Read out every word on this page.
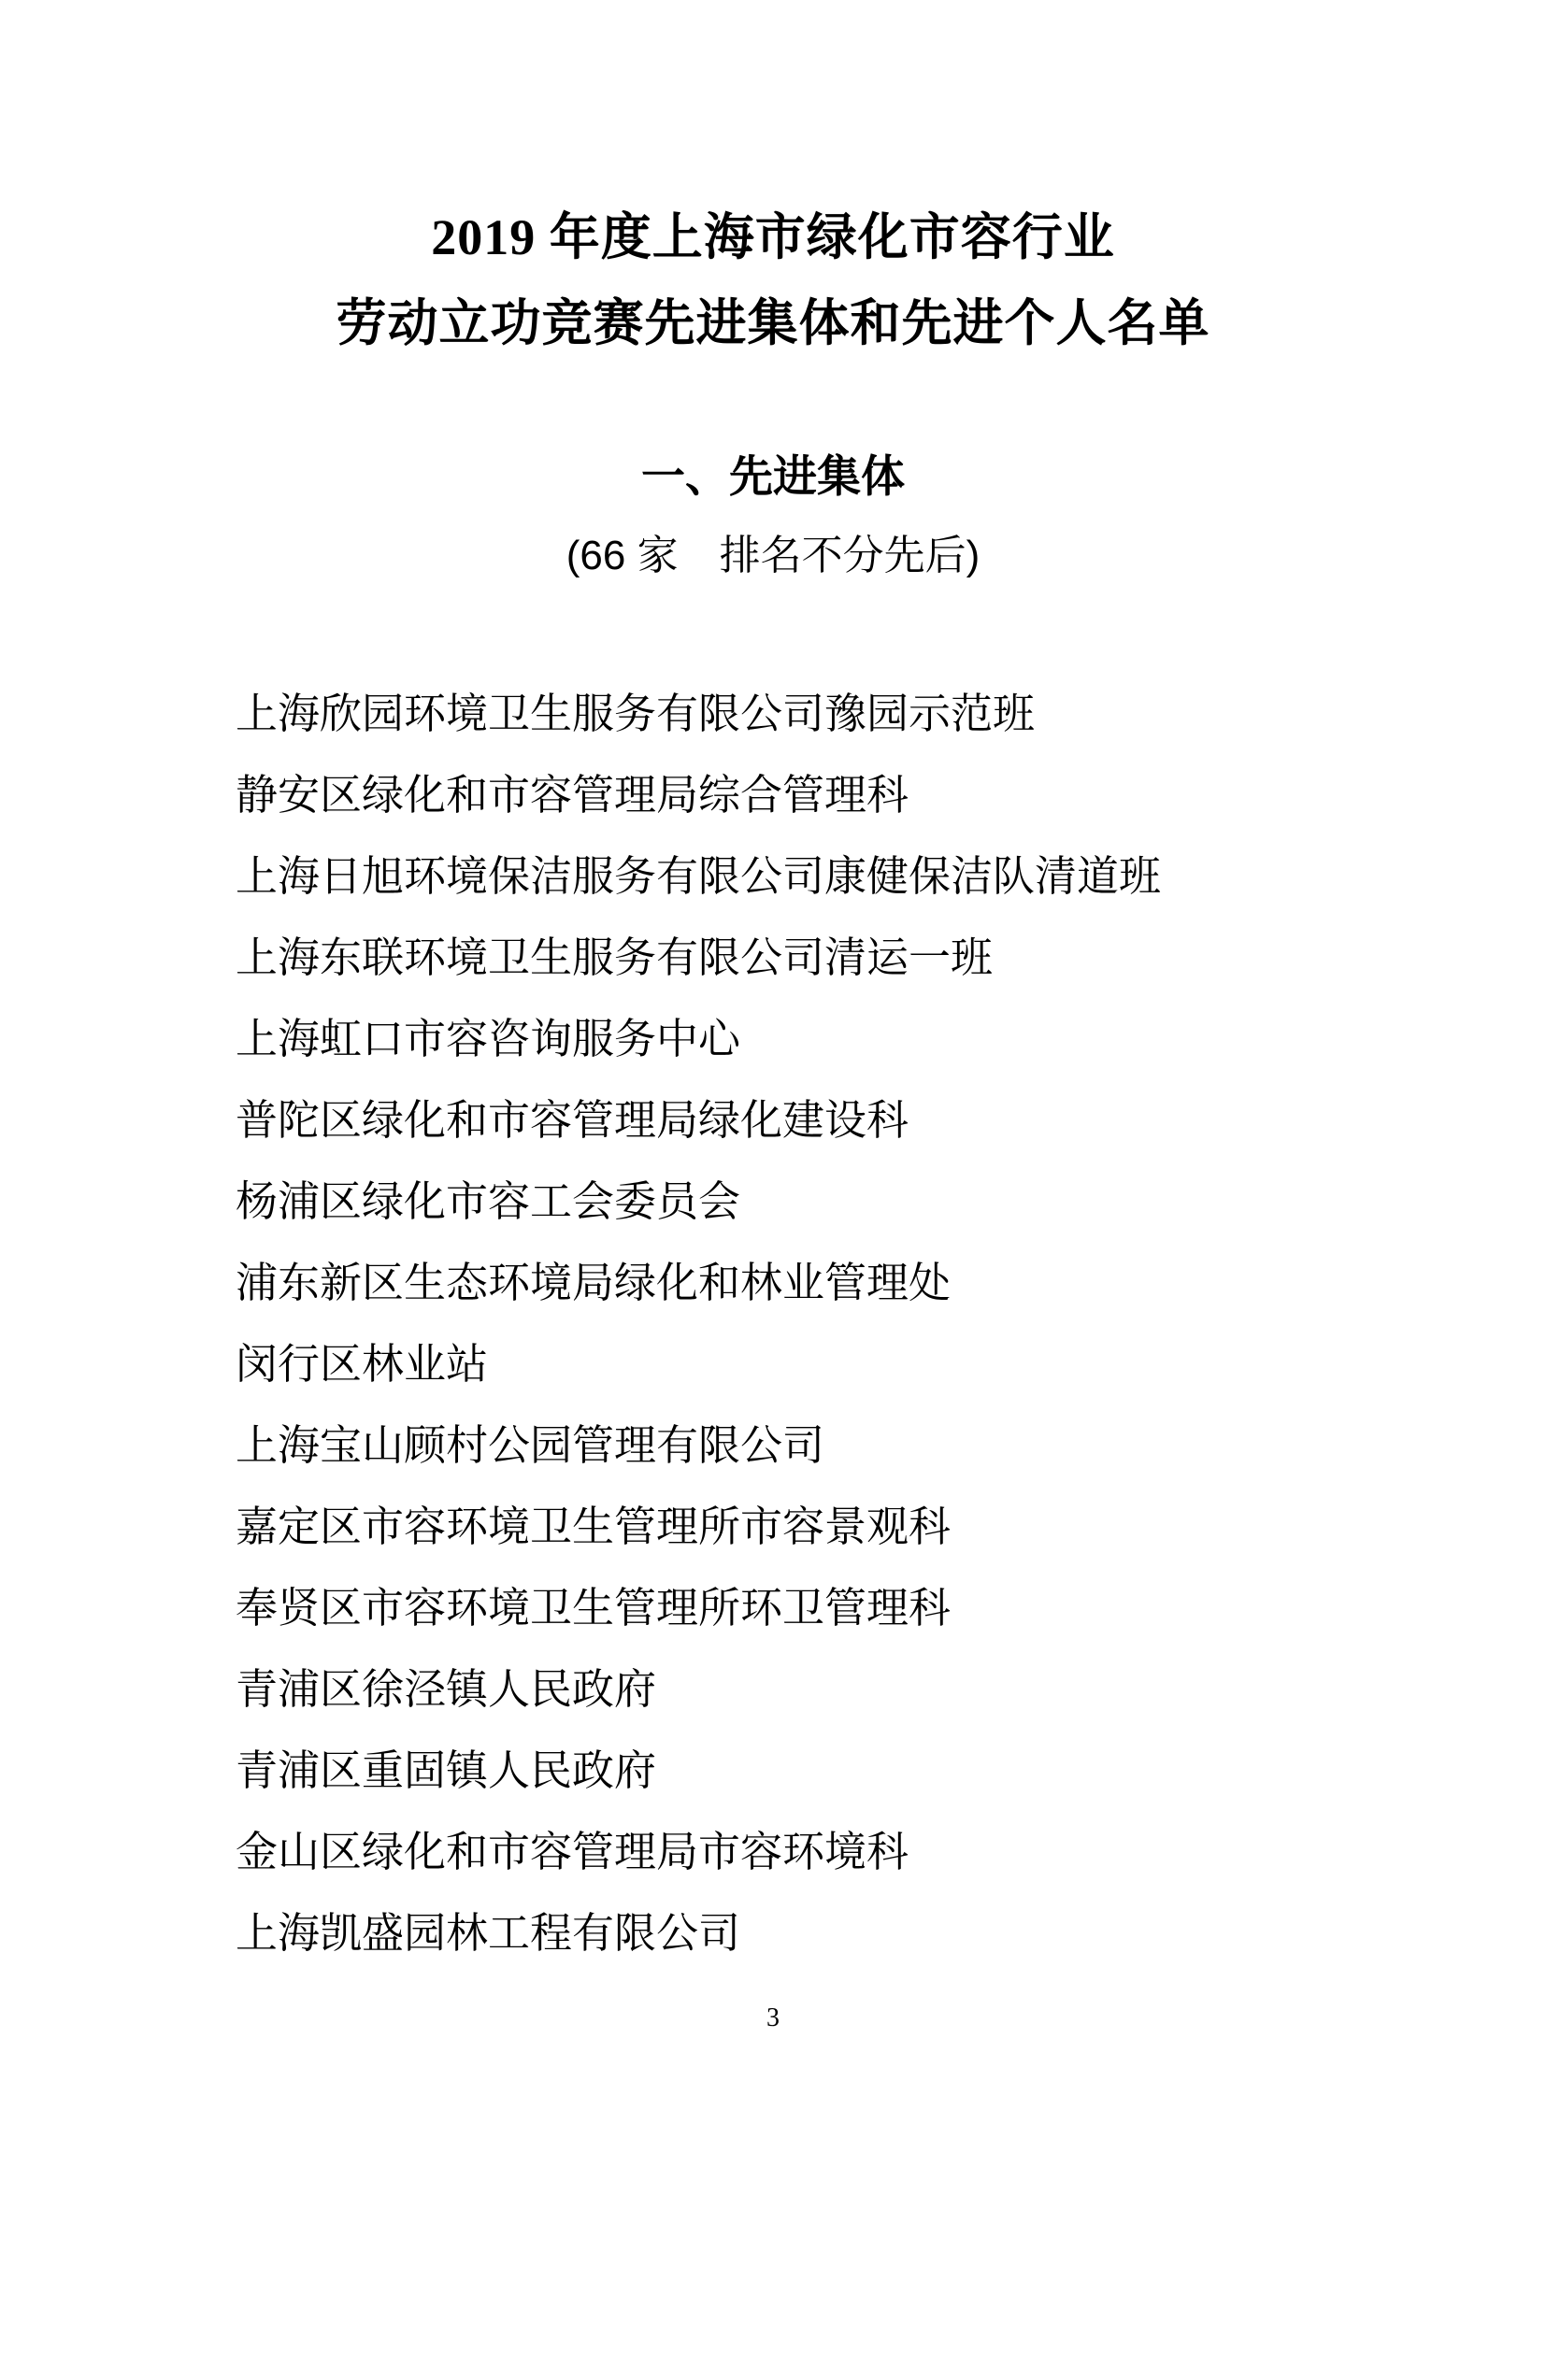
2019 年度上海市绿化市容行业
劳动立功竞赛先进集体和先进个人名单
一、先进集体
(66 家　排名不分先后)
上海欣园环境卫生服务有限公司豫园示范班
静安区绿化和市容管理局综合管理科
上海日旭环境保洁服务有限公司康健保洁队清道班
上海东联环境卫生服务有限公司清运一班
上海虹口市容咨询服务中心
普陀区绿化和市容管理局绿化建设科
杨浦区绿化市容工会委员会
浦东新区生态环境局绿化和林业管理处
闵行区林业站
上海宝山顾村公园管理有限公司
嘉定区市容环境卫生管理所市容景观科
奉贤区市容环境卫生管理所环卫管理科
青浦区徐泾镇人民政府
青浦区重固镇人民政府
金山区绿化和市容管理局市容环境科
上海凯盛园林工程有限公司
3
